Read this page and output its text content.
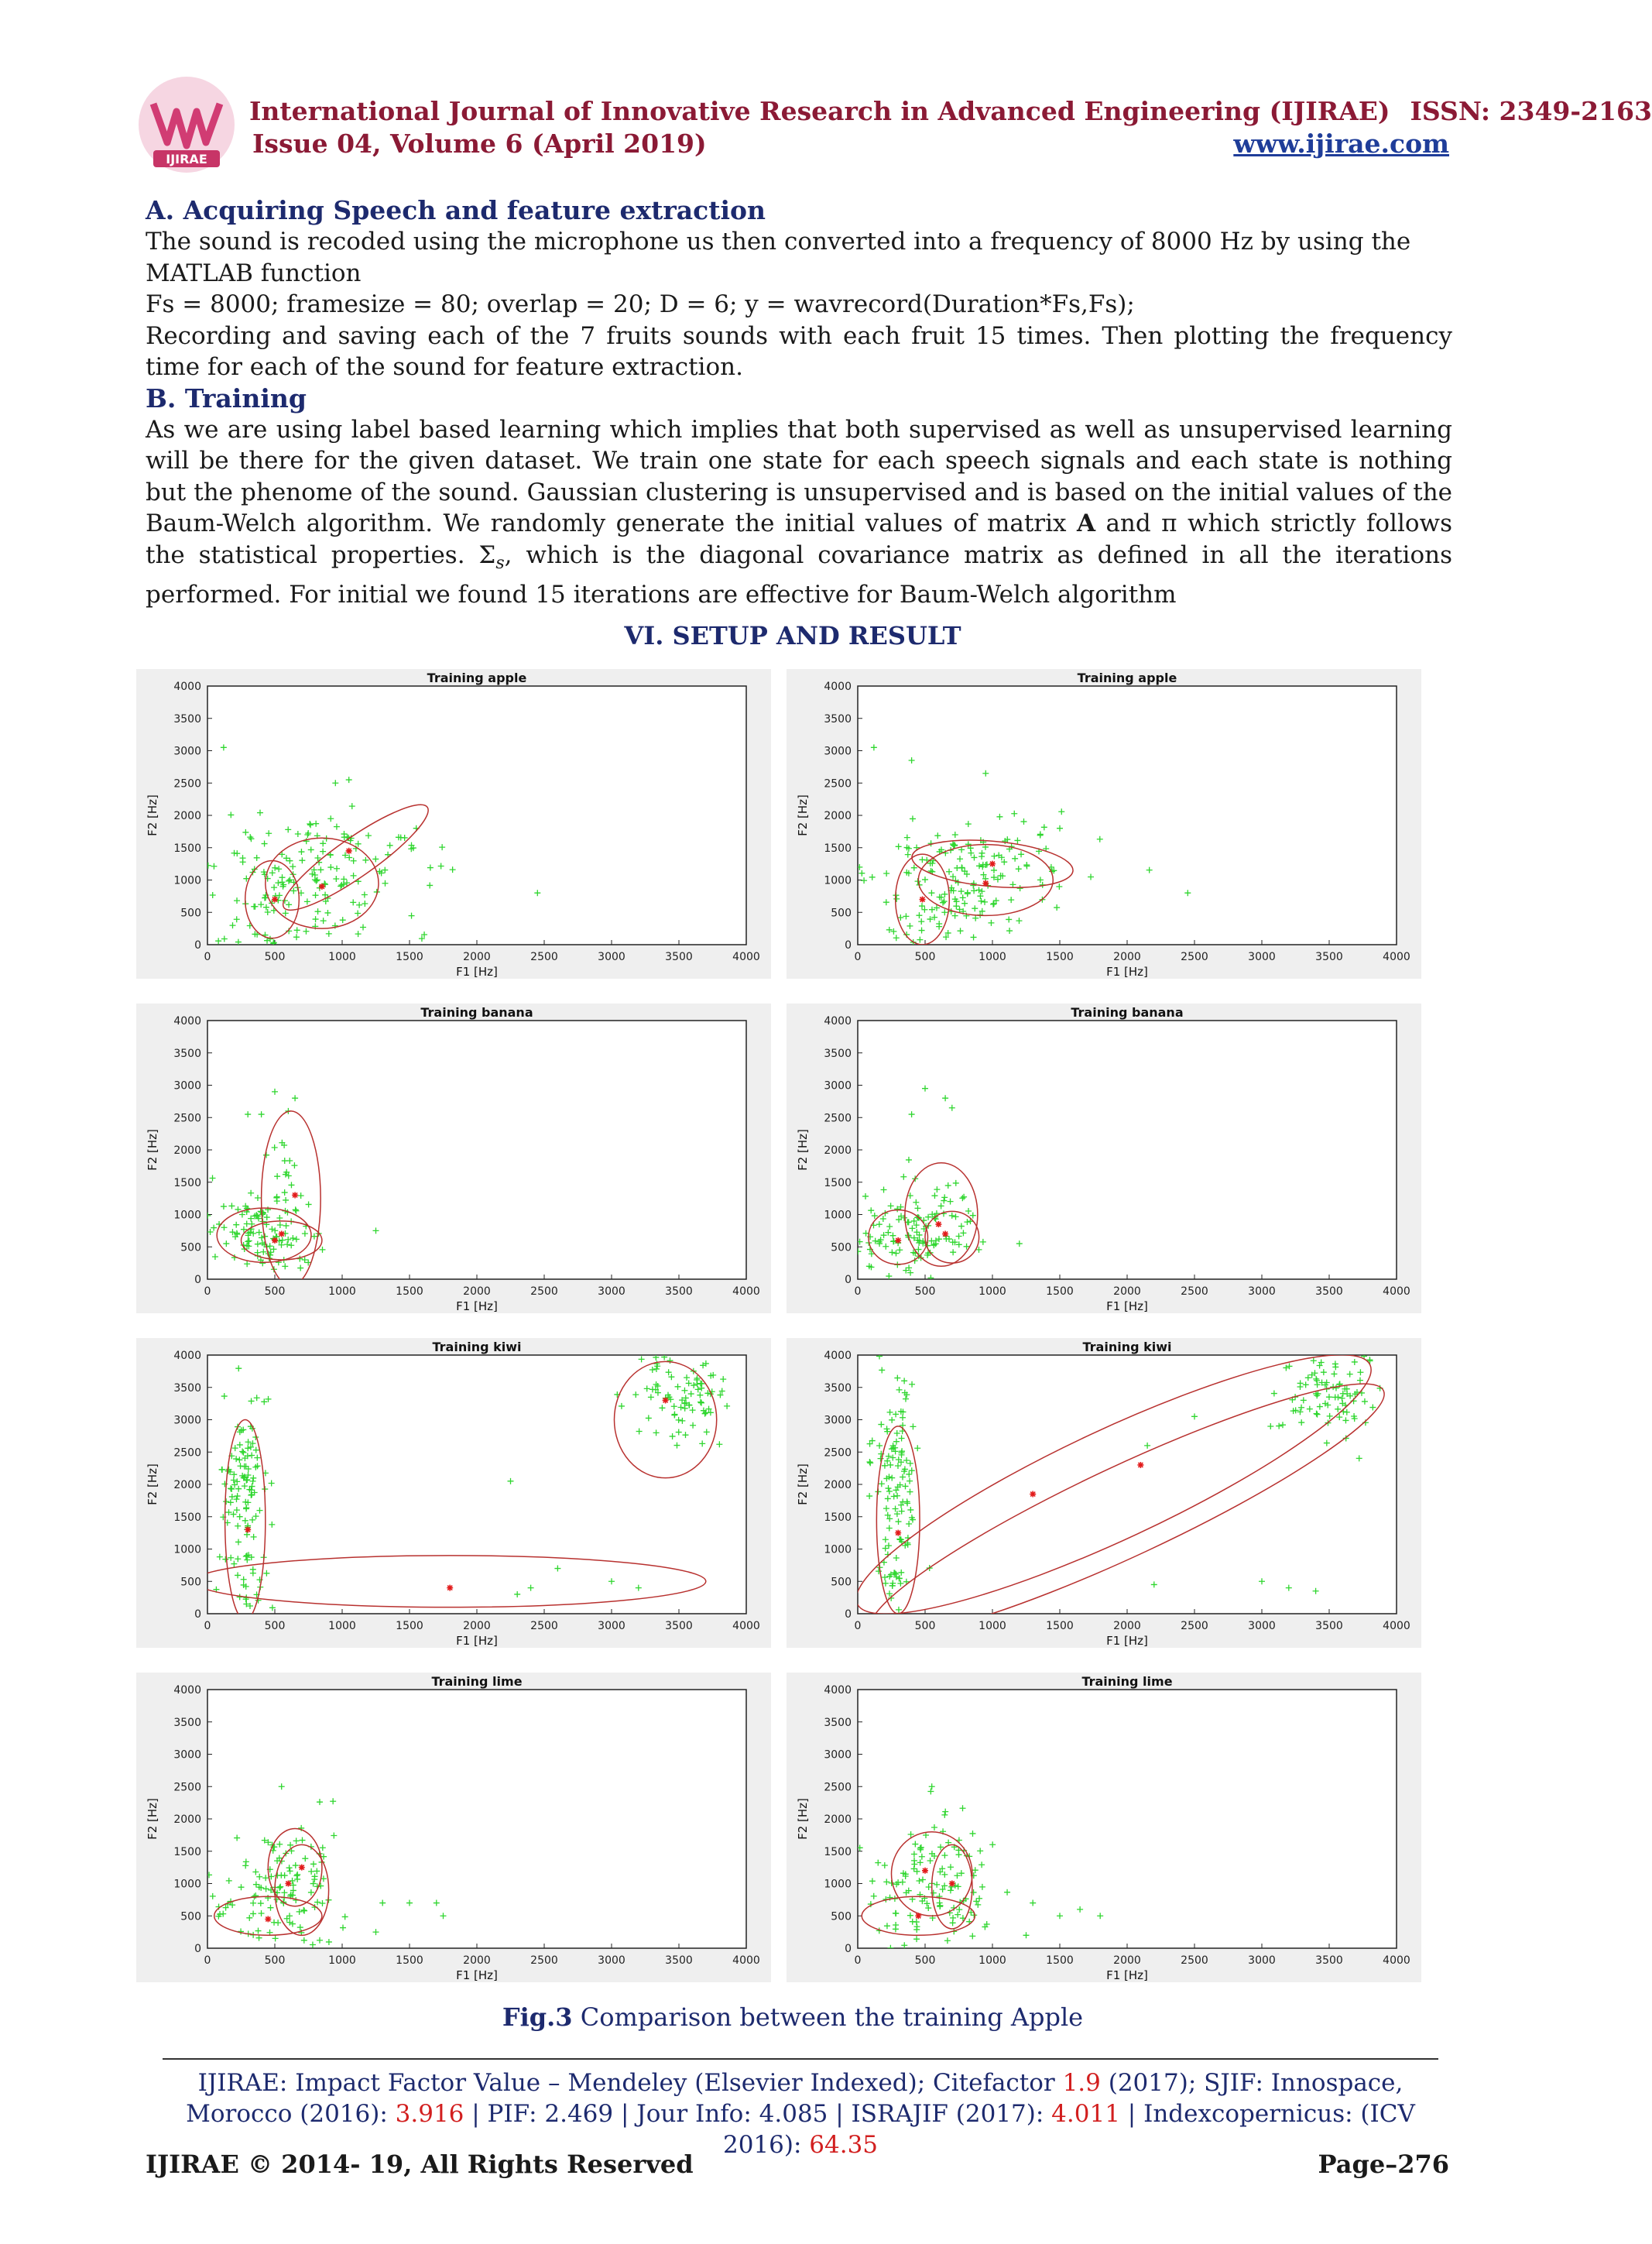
IJIRAE
International Journal of Innovative Research in Advanced Engineering (IJIRAE) ISSN: 2349-2163
Issue 04, Volume 6 (April 2019)	www.ijirae.com
A. Acquiring Speech and feature extraction

The sound is recoded using the microphone us then converted into a frequency of 8000 Hz by using the MATLAB function

Fs = 8000; framesize = 80; overlap = 20; D = 6; y = wavrecord(Duration*Fs,Fs);

Recording and saving each of the 7 fruits sounds with each fruit 15 times. Then plotting the frequency time for each of the sound for feature extraction.

B. Training

As we are using label based learning which implies that both supervised as well as unsupervised learning will be there for the given dataset. We train one state for each speech signals and each state is nothing but the phenome of the sound. Gaussian clustering is unsupervised and is based on the initial values of the Baum-Welch algorithm. We randomly generate the initial values of matrix A and π which strictly follows the statistical properties. $\Sigma_s$, which is the diagonal covariance matrix as defined in all the iterations performed. For initial we found 15 iterations are effective for Baum-Welch algorithm

VI. SETUP AND RESULT
0	500	1000	1500	2000	2500	3000	3500	4000
0
500
1000
1500
2000
2500
3000
3500
4000
Training apple
F1 [Hz]
F2 [Hz]
0	500	1000	1500	2000	2500	3000	3500	4000
0
500
1000
1500
2000
2500
3000
3500
4000
Training apple
F1 [Hz]
F2 [Hz]
0	500	1000	1500	2000	2500	3000	3500	4000
0
500
1000
1500
2000
2500
3000
3500
4000
Training banana
F1 [Hz]
F2 [Hz]
0	500	1000	1500	2000	2500	3000	3500	4000
0
500
1000
1500
2000
2500
3000
3500
4000
Training banana
F1 [Hz]
F2 [Hz]
0	500	1000	1500	2000	2500	3000	3500	4000
0
500
1000
1500
2000
2500
3000
3500
4000
Training kiwi
F1 [Hz]
F2 [Hz]
0	500	1000	1500	2000	2500	3000	3500	4000
0
500
1000
1500
2000
2500
3000
3500
4000
Training kiwi
F1 [Hz]
F2 [Hz]
0	500	1000	1500	2000	2500	3000	3500	4000
0
500
1000
1500
2000
2500
3000
3500
4000
Training lime
F1 [Hz]
F2 [Hz]
0	500	1000	1500	2000	2500	3000	3500	4000
0
500
1000
1500
2000
2500
3000
3500
4000
Training lime
F1 [Hz]
F2 [Hz]
Fig.3 Comparison between the training Apple
IJIRAE: Impact Factor Value – Mendeley (Elsevier Indexed); Citefactor 1.9 (2017); SJIF: Innospace, Morocco (2016): 3.916 | PIF: 2.469 | Jour Info: 4.085 | ISRAJIF (2017): 4.011 | Indexcopernicus: (ICV 2016): 64.35
IJIRAE © 2014- 19, All Rights Reserved	Page–276
